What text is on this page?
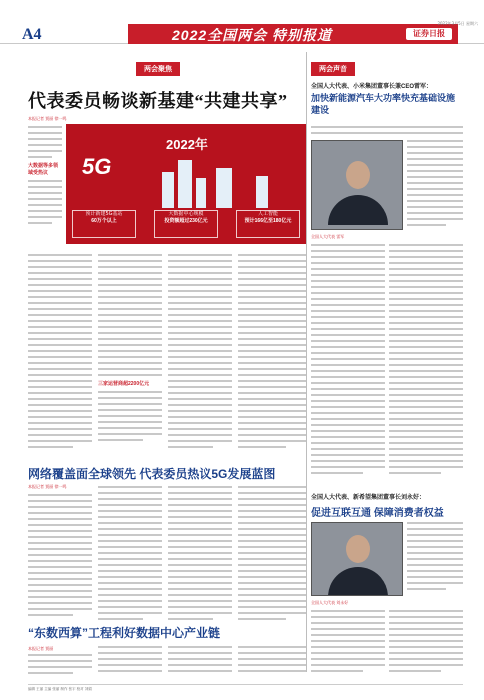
A4	2022全国两会 特别报道	证券日报
2022年3月5日 星期六
两会聚焦
代表委员畅谈新基建“共建共享”
本报记者 贾丽 徐一鸣
大数据等多领域受热议
2022年
5G
预计新建5G基站
60万个以上
大数据中心规模
投资额超过230亿元
人工智能
预计166亿至180亿元
三家运营商超2200亿元
网络覆盖面全球领先 代表委员热议5G发展蓝图
本报记者 贾丽 徐一鸣
“东数西算”工程利好数据中心产业链
本报记者 贾丽
两会声音
全国人大代表、小米集团董事长兼CEO雷军：
加快新能源汽车大功率快充基础设施建设
全国人大代表 雷军
全国人大代表、新希望集团董事长刘永好：
促进互联互通 保障消费者权益
全国人大代表 刘永好
编辑 王丽 主编 张丽 制作 张宇 校对 刘娟
